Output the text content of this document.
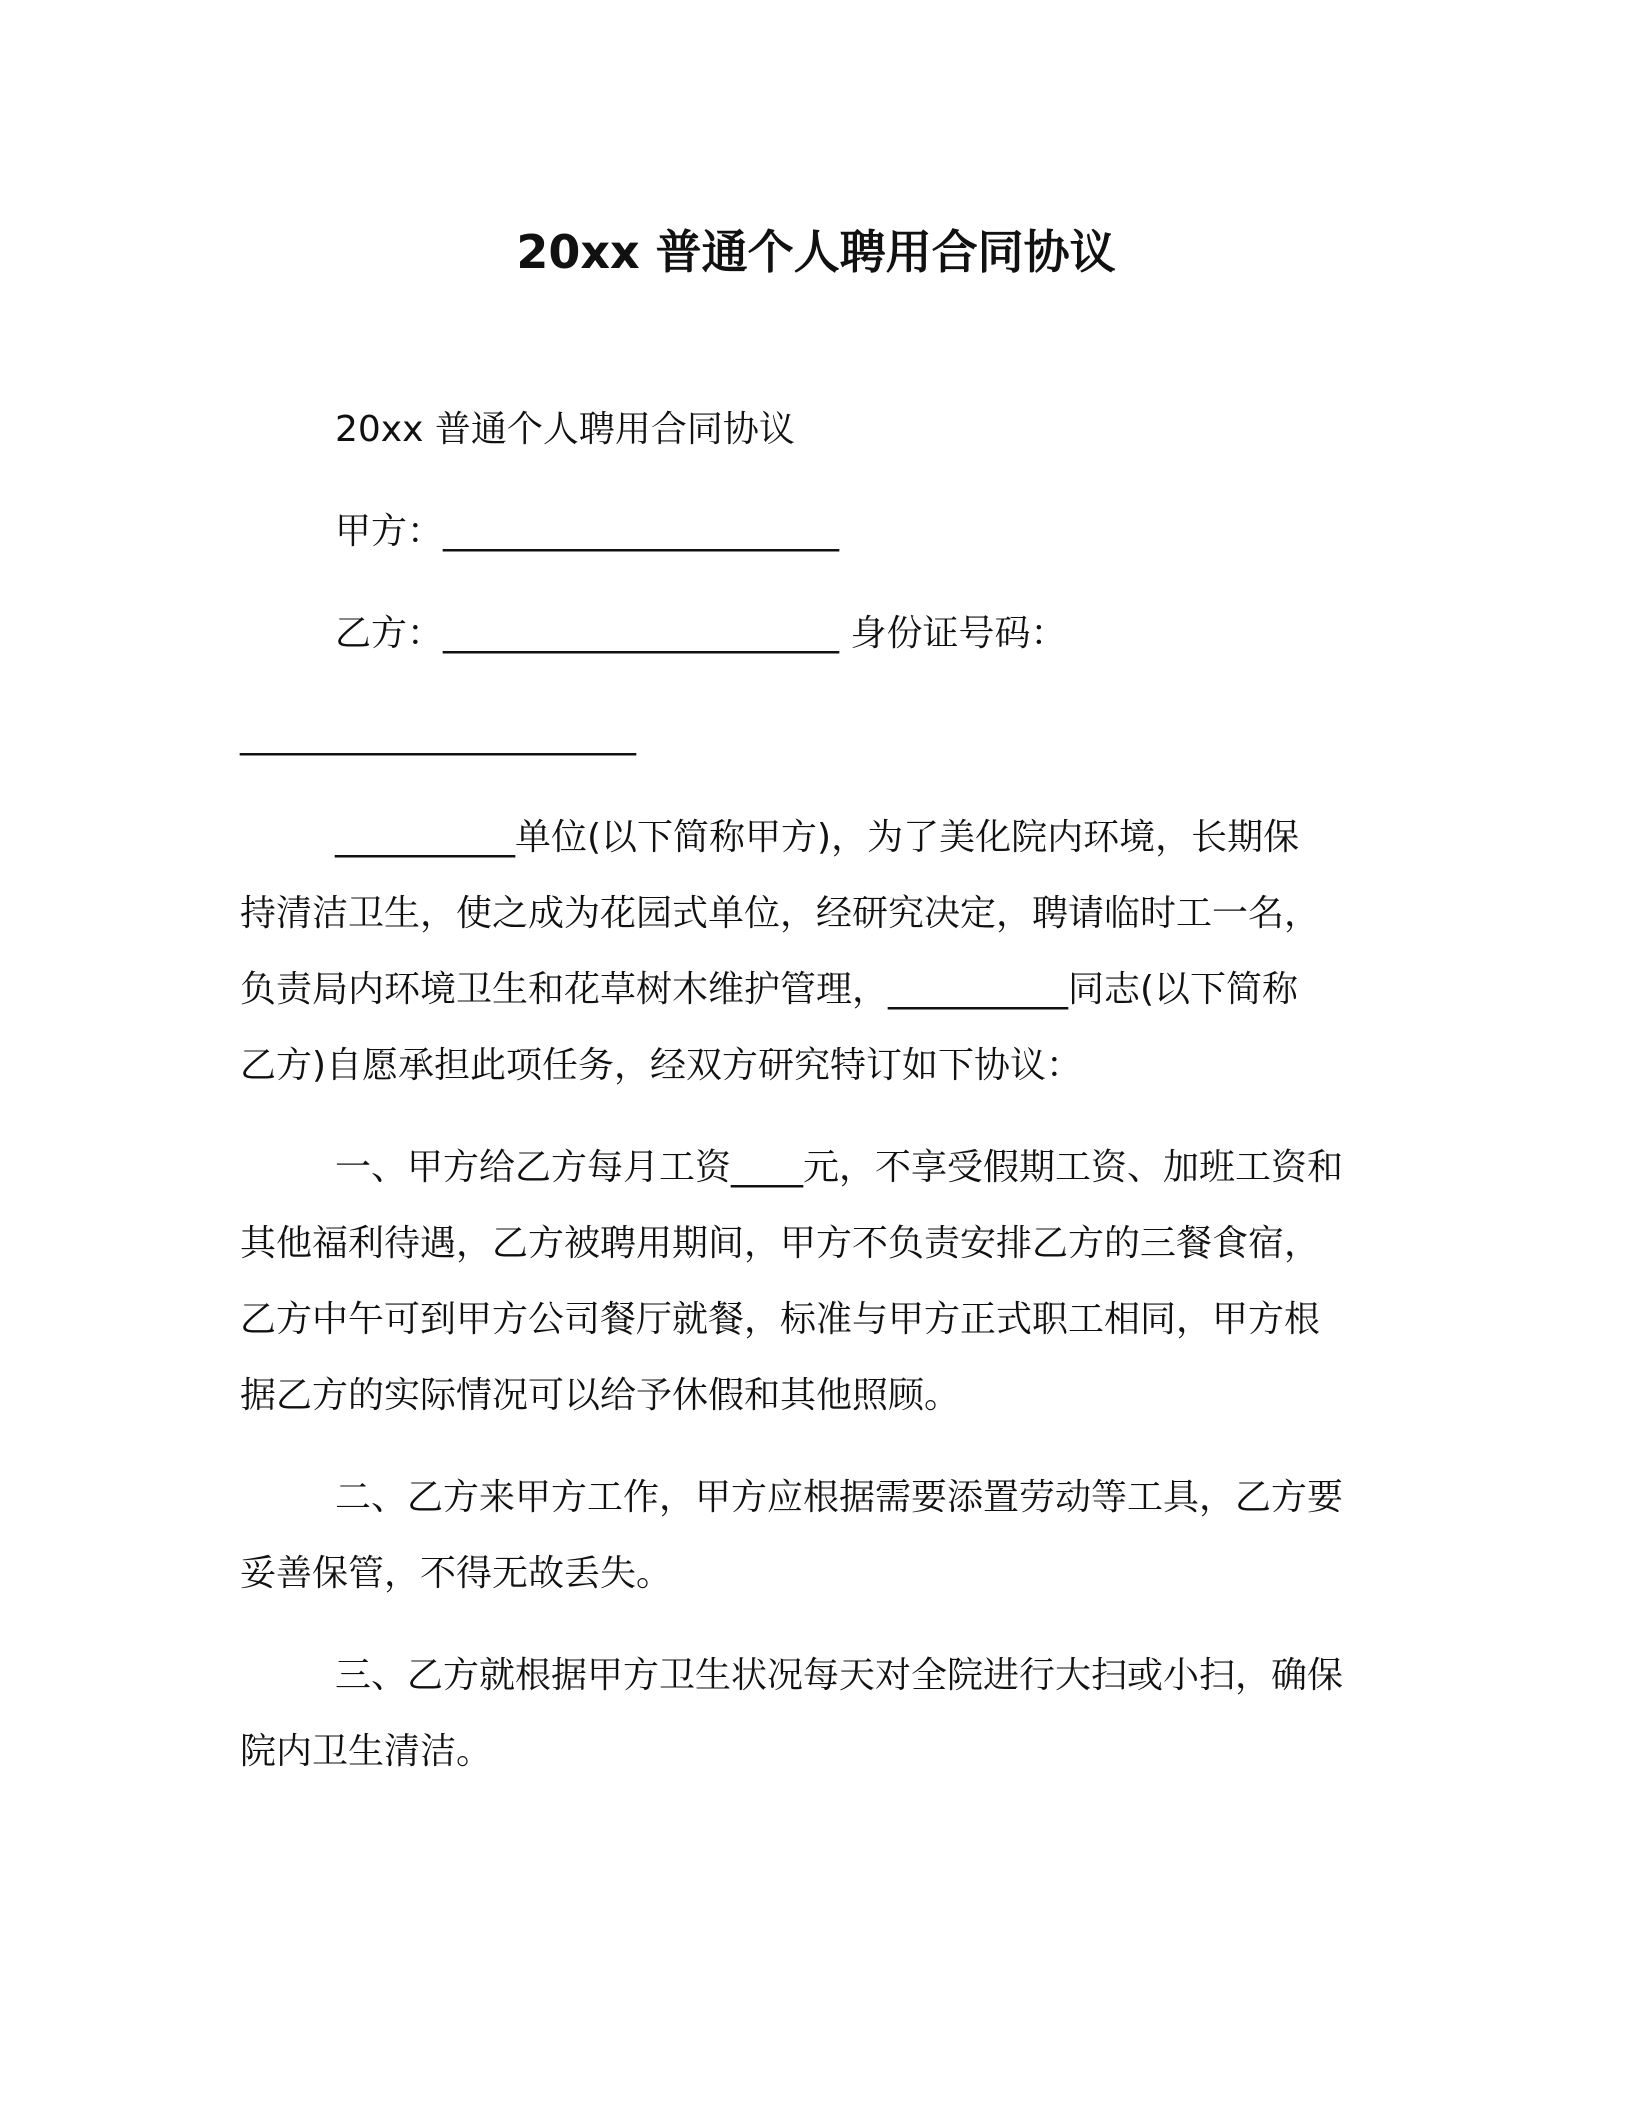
20xx 普通个人聘用合同协议

20xx 普通个人聘用合同协议

甲方：______________________

乙方：______________________ 身份证号码：

______________________

__________单位(以下简称甲方)，为了美化院内环境，长期保

持清洁卫生，使之成为花园式单位，经研究决定，聘请临时工一名，

负责局内环境卫生和花草树木维护管理，__________同志(以下简称

乙方)自愿承担此项任务，经双方研究特订如下协议：

一、甲方给乙方每月工资____元，不享受假期工资、加班工资和

其他福利待遇，乙方被聘用期间，甲方不负责安排乙方的三餐食宿，

乙方中午可到甲方公司餐厅就餐，标准与甲方正式职工相同，甲方根

据乙方的实际情况可以给予休假和其他照顾。

二、乙方来甲方工作，甲方应根据需要添置劳动等工具，乙方要

妥善保管，不得无故丢失。

三、乙方就根据甲方卫生状况每天对全院进行大扫或小扫，确保

院内卫生清洁。
